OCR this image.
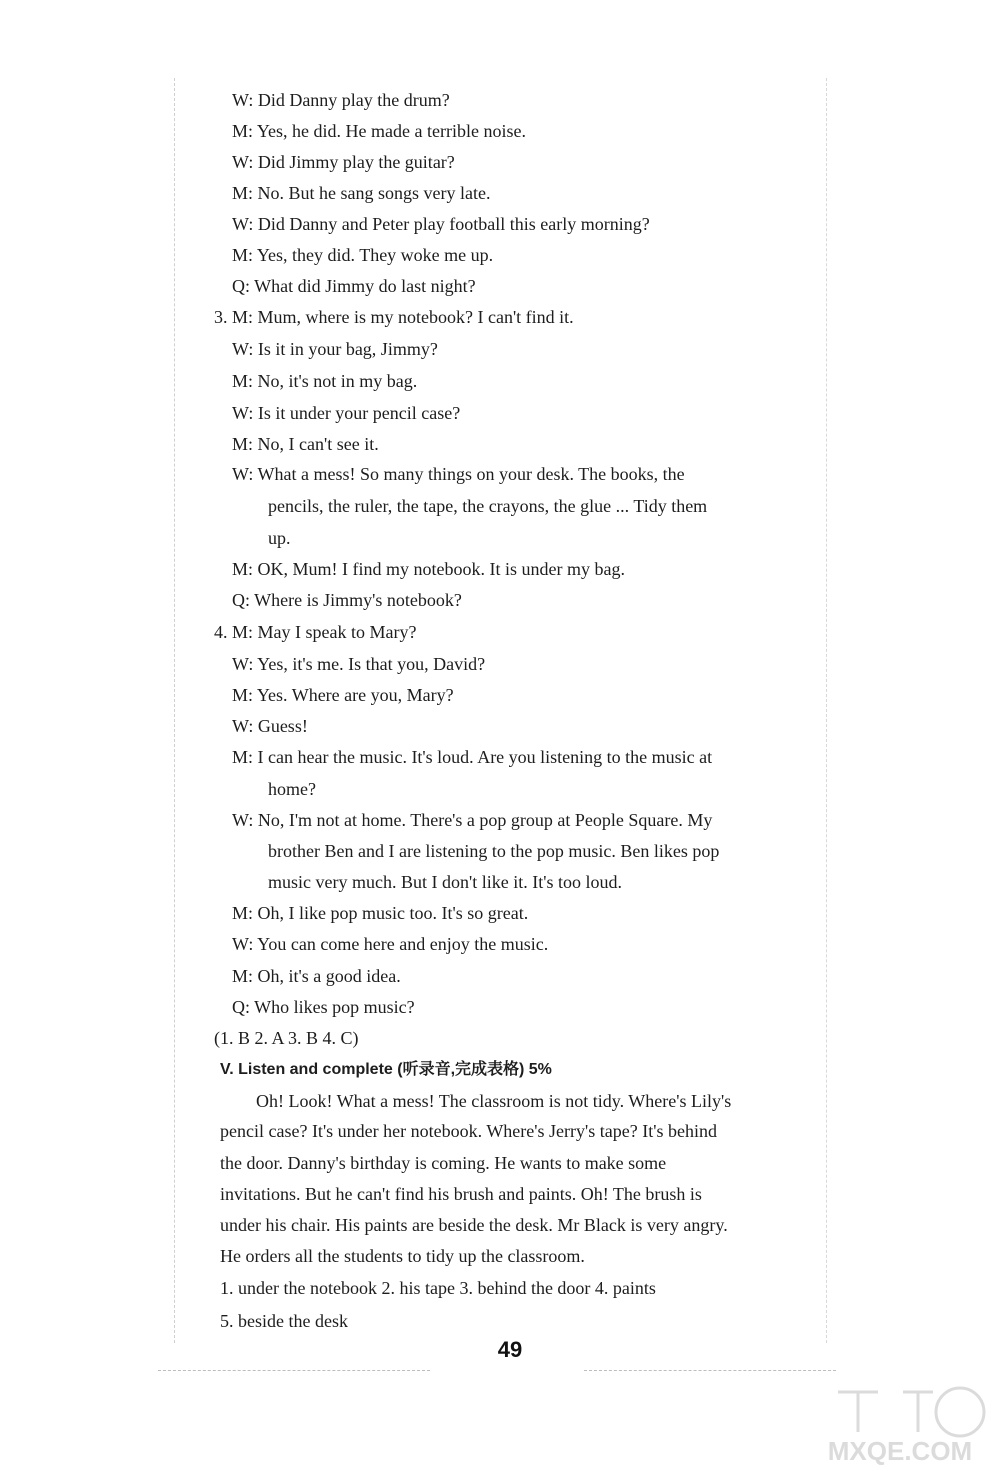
W: Did Danny play the drum?
M: Yes, he did. He made a terrible noise.
W: Did Jimmy play the guitar?
M: No. But he sang songs very late.
W: Did Danny and Peter play football this early morning?
M: Yes, they did. They woke me up.
Q: What did Jimmy do last night?
3. M: Mum, where is my notebook? I can't find it.
W: Is it in your bag, Jimmy?
M: No, it's not in my bag.
W: Is it under your pencil case?
M: No, I can't see it.
W: What a mess! So many things on your desk. The books, the
pencils, the ruler, the tape, the crayons, the glue ... Tidy them
up.
M: OK, Mum! I find my notebook. It is under my bag.
Q: Where is Jimmy's notebook?
4. M: May I speak to Mary?
W: Yes, it's me. Is that you, David?
M: Yes. Where are you, Mary?
W: Guess!
M: I can hear the music. It's loud. Are you listening to the music at
home?
W: No, I'm not at home. There's a pop group at People Square. My
brother Ben and I are listening to the pop music. Ben likes pop
music very much. But I don't like it. It's too loud.
M: Oh, I like pop music too. It's so great.
W: You can come here and enjoy the music.
M: Oh, it's a good idea.
Q: Who likes pop music?
(1. B 2. A 3. B 4. C)
V. Listen and complete (听录音,完成表格) 5%
Oh! Look! What a mess! The classroom is not tidy. Where's Lily's
pencil case? It's under her notebook. Where's Jerry's tape? It's behind
the door. Danny's birthday is coming. He wants to make some
invitations. But he can't find his brush and paints. Oh! The brush is
under his chair. His paints are beside the desk. Mr Black is very angry.
He orders all the students to tidy up the classroom.
1. under the notebook 2. his tape 3. behind the door 4. paints
5. beside the desk
49
MXQE.COM
